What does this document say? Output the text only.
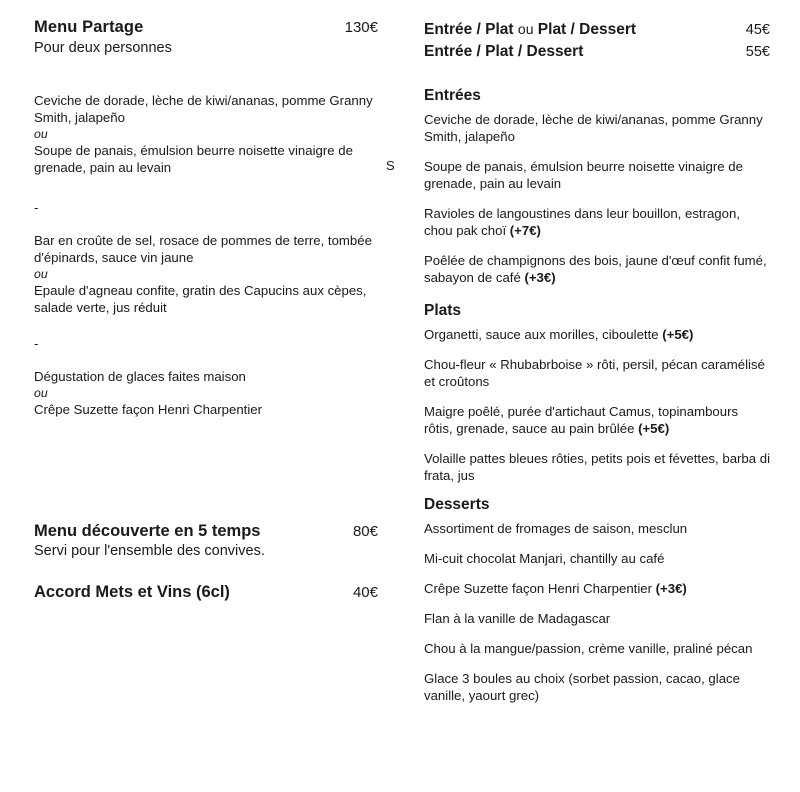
Menu Partage	130€
Pour deux personnes
Ceviche de dorade, lèche de kiwi/ananas, pomme Granny Smith, jalapeño
ou
Soupe de panais, émulsion beurre noisette vinaigre de grenade, pain au levain
-
Bar en croûte de sel, rosace de pommes de terre, tombée d'épinards, sauce vin jaune
ou
Epaule d'agneau confite, gratin des Capucins aux cèpes, salade verte, jus réduit
-
Dégustation de glaces faites maison
ou
Crêpe Suzette façon Henri Charpentier
Menu découverte en 5 temps	80€
Servi pour l'ensemble des convives.
Accord Mets et Vins (6cl)	40€
S
Entrée / Plat ou Plat / Dessert	45€
Entrée / Plat / Dessert	55€
Entrées
Ceviche de dorade, lèche de kiwi/ananas, pomme Granny Smith, jalapeño
Soupe de panais, émulsion beurre noisette vinaigre de grenade, pain au levain
Ravioles de langoustines dans leur bouillon, estragon, chou pak choï (+7€)
Poêlée de champignons des bois, jaune d'œuf confit fumé, sabayon de café (+3€)
Plats
Organetti, sauce aux morilles, ciboulette (+5€)
Chou-fleur « Rhubabrboise » rôti, persil, pécan caramélisé et croûtons
Maigre poêlé, purée d'artichaut Camus, topinambours rôtis, grenade, sauce au pain brûlée (+5€)
Volaille pattes bleues rôties, petits pois et févettes, barba di frata, jus
Desserts
Assortiment de fromages de saison, mesclun
Mi-cuit chocolat Manjari, chantilly au café
Crêpe Suzette façon Henri Charpentier (+3€)
Flan à la vanille de Madagascar
Chou à la mangue/passion, crème vanille, praliné pécan
Glace 3 boules au choix (sorbet passion, cacao, glace vanille, yaourt grec)
